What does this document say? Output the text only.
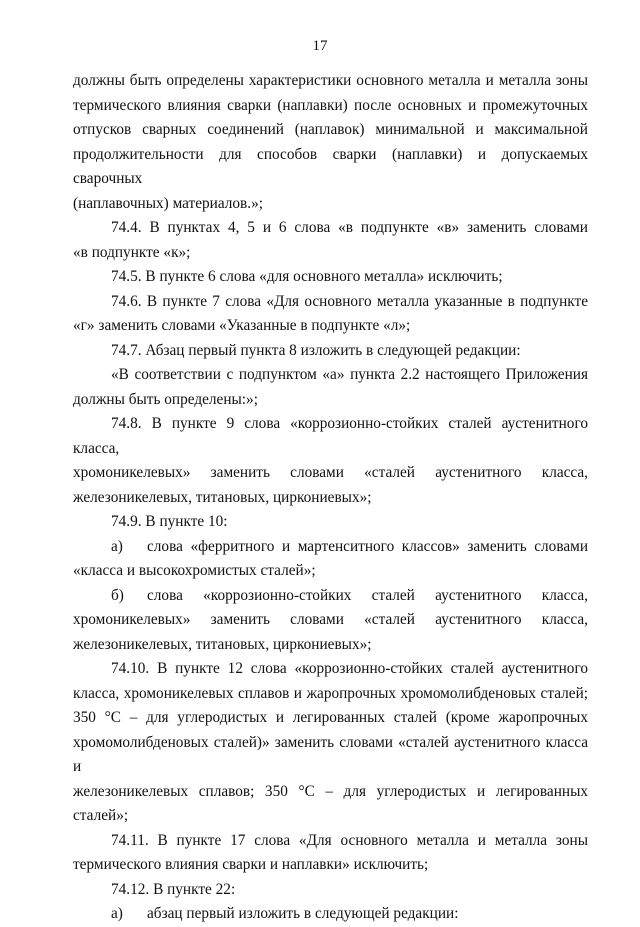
17
должны быть определены характеристики основного металла и металла зоны
термического влияния сварки (наплавки) после основных и промежуточных
отпусков сварных соединений (наплавок) минимальной и максимальной
продолжительности для способов сварки (наплавки) и допускаемых сварочных
(наплавочных) материалов.»;
74.4. В пунктах 4, 5 и 6 слова «в подпункте «в» заменить словами
«в подпункте «к»;
74.5. В пункте 6 слова «для основного металла» исключить;
74.6. В пункте 7 слова «Для основного металла указанные в подпункте
«г» заменить словами «Указанные в подпункте «л»;
74.7. Абзац первый пункта 8 изложить в следующей редакции:
«В соответствии с подпунктом «а» пункта 2.2 настоящего Приложения
должны быть определены:»;
74.8. В пункте 9 слова «коррозионно-стойких сталей аустенитного класса,
хромоникелевых» заменить словами «сталей аустенитного класса,
железоникелевых, титановых, циркониевых»;
74.9. В пункте 10:
а)	слова «ферритного и мартенситного классов» заменить словами
«класса и высокохромистых сталей»;
б)	слова «коррозионно-стойких сталей аустенитного класса,
хромоникелевых» заменить словами «сталей аустенитного класса,
железоникелевых, титановых, циркониевых»;
74.10. В пункте 12 слова «коррозионно-стойких сталей аустенитного
класса, хромоникелевых сплавов и жаропрочных хромомолибденовых сталей;
350 °С – для углеродистых и легированных сталей (кроме жаропрочных
хромомолибденовых сталей)» заменить словами «сталей аустенитного класса и
железоникелевых сплавов; 350 °С – для углеродистых и легированных сталей»;
74.11. В пункте 17 слова «Для основного металла и металла зоны
термического влияния сварки и наплавки» исключить;
74.12. В пункте 22:
а)	абзац первый изложить в следующей редакции:
